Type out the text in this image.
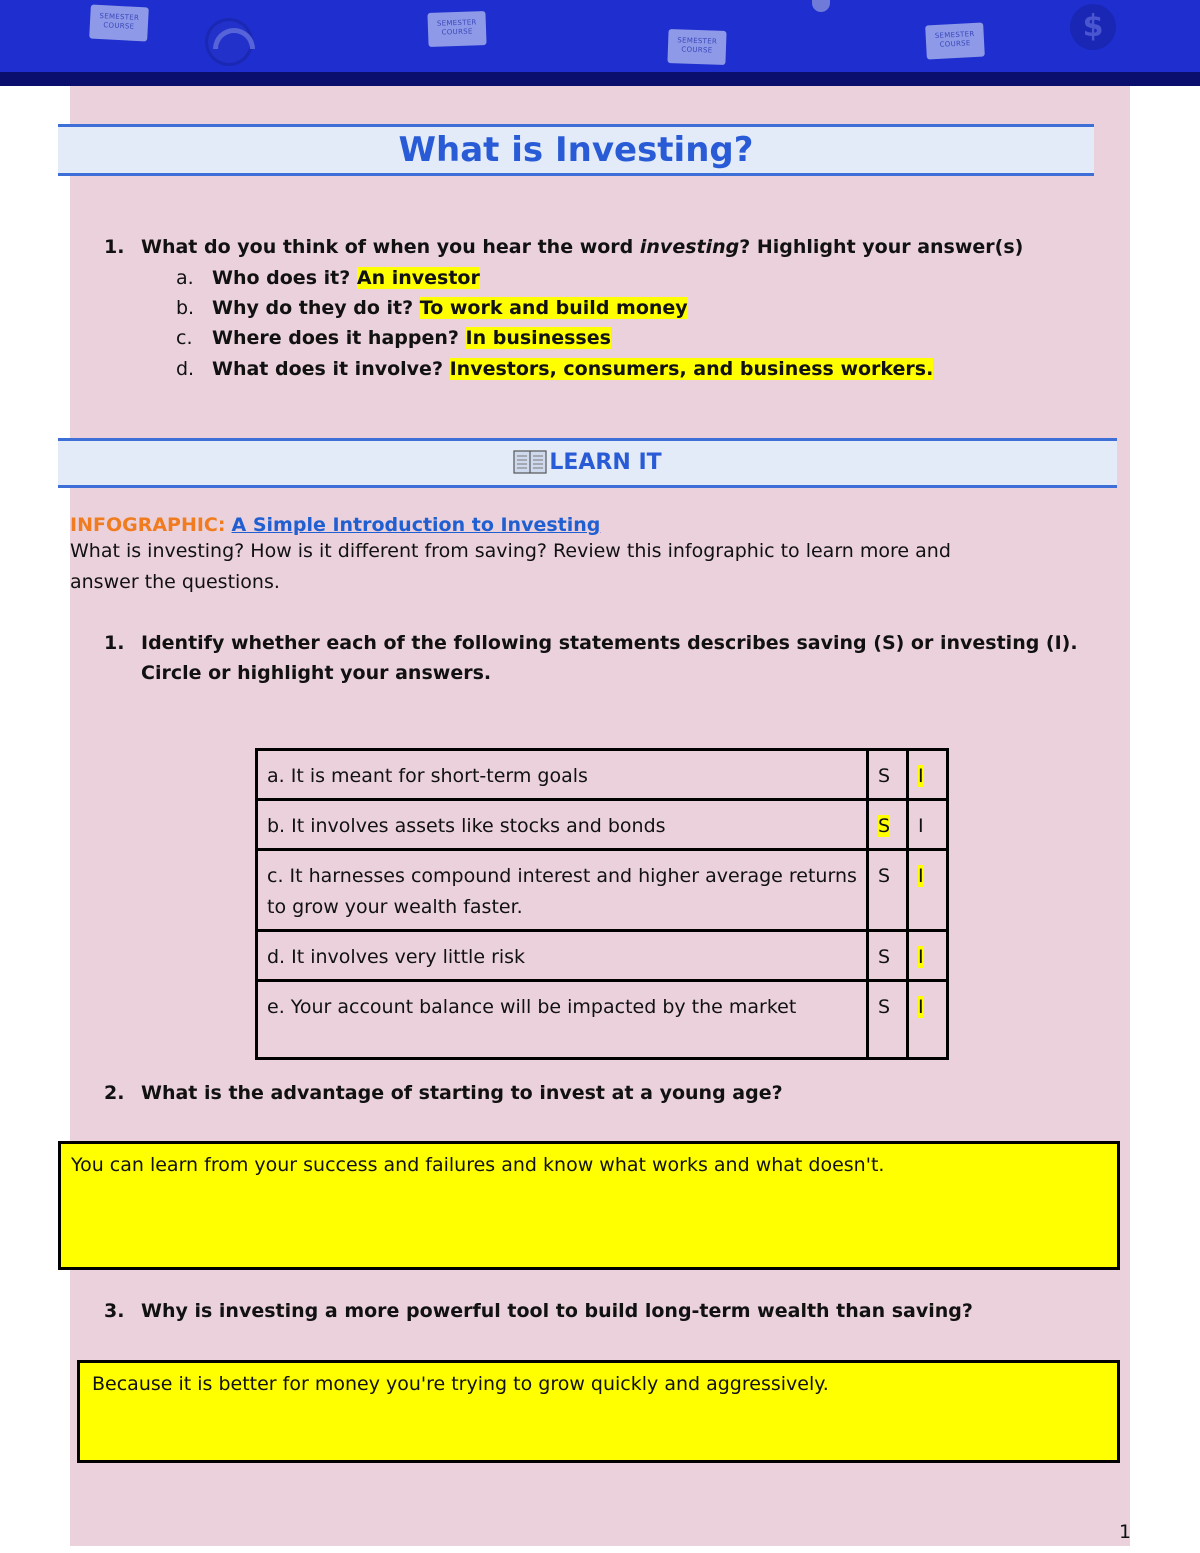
SEMESTER COURSE	SEMESTER COURSE
SEMESTER COURSE
SEMESTER COURSE	$
What is Investing?
1. What do you think of when you hear the word investing? Highlight your answer(s)
a. Who does it? An investor
b. Why do they do it? To work and build money
c. Where does it happen? In businesses
d. What does it involve? Investors, consumers, and business workers.
LEARN IT
INFOGRAPHIC: A Simple Introduction to Investing
What is investing? How is it different from saving? Review this infographic to learn more and
answer the questions.
1. Identify whether each of the following statements describes saving (S) or investing (I).
Circle or highlight your answers.
a. It is meant for short-term goals	S	I
b. It involves assets like stocks and bonds	S	I
c. It harnesses compound interest and higher average returns to grow your wealth faster.	S	I
d. It involves very little risk	S	I
e. Your account balance will be impacted by the market	S	I
2. What is the advantage of starting to invest at a young age?
You can learn from your success and failures and know what works and what doesn't.
3. Why is investing a more powerful tool to build long-term wealth than saving?
Because it is better for money you're trying to grow quickly and aggressively.
1
